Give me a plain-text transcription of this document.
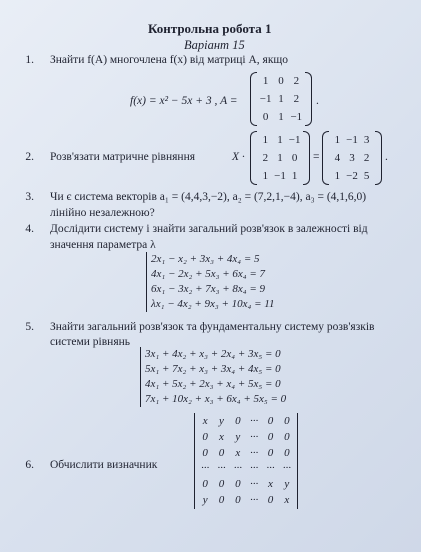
Контрольна робота 1
Варіант 15
1. Знайти f(A) многочлена f(x) від матриці A, якщо
f(x) = x² − 5x + 3 , A =
1 0 2
−1 1 2
0 1 −1
.
2. Розв'язати матричне рівняння	X ·
1 1 −1
2 1 0
1 −1 1
=
1 −1 3
4 3 2
1 −2 5
.
3. Чи є система векторів a₁ = (4,4,3,−2), a₂ = (7,2,1,−4), a₃ = (4,1,6,0)
лінійно незалежною?
4. Дослідити систему і знайти загальний розв'язок в залежності від
значення параметра λ
2x₁ − x₂ + 3x₃ + 4x₄ = 5
4x₁ − 2x₂ + 5x₃ + 6x₄ = 7
6x₁ − 3x₂ + 7x₃ + 8x₄ = 9
λx₁ − 4x₂ + 9x₃ + 10x₄ = 11
5. Знайти загальний розв'язок та фундаментальну систему розв'язків
системи рівнянь
3x₁ + 4x₂ + x₃ + 2x₄ + 3x₅ = 0
5x₁ + 7x₂ + x₃ + 3x₄ + 4x₅ = 0
4x₁ + 5x₂ + 2x₃ + x₄ + 5x₅ = 0
7x₁ + 10x₂ + x₃ + 6x₄ + 5x₅ = 0
6. Обчислити визначник
x	y	0 ··· 0 0
0	x	y ··· 0 0
0 0	x ··· 0 0
··· ··· ··· ··· ··· ···
0 0 0 ··· x	y
y	0 0 ··· 0	x
